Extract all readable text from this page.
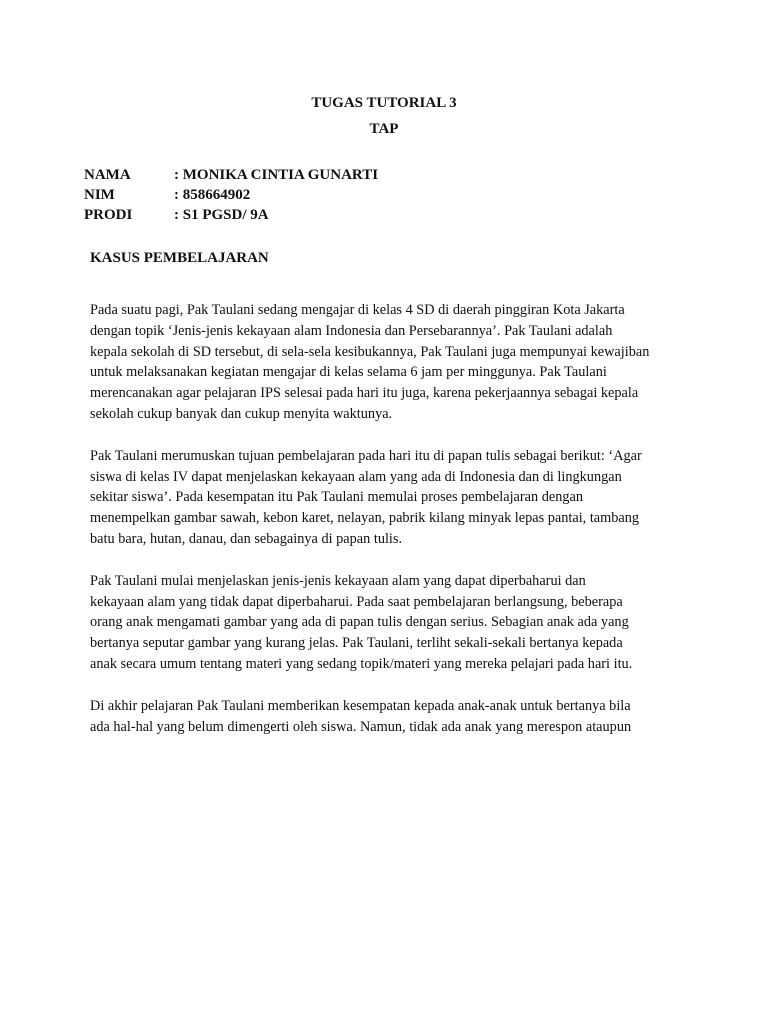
TUGAS TUTORIAL 3
TAP
NAMA	: MONIKA CINTIA GUNARTI
NIM	: 858664902
PRODI	: S1 PGSD/ 9A
KASUS PEMBELAJARAN
Pada suatu pagi, Pak Taulani sedang mengajar di kelas 4 SD di daerah pinggiran Kota Jakarta
dengan topik ‘Jenis-jenis kekayaan alam Indonesia dan Persebarannya’. Pak Taulani adalah
kepala sekolah di SD tersebut, di sela-sela kesibukannya, Pak Taulani juga mempunyai kewajiban
untuk melaksanakan kegiatan mengajar di kelas selama 6 jam per minggunya. Pak Taulani
merencanakan agar pelajaran IPS selesai pada hari itu juga, karena pekerjaannya sebagai kepala
sekolah cukup banyak dan cukup menyita waktunya.
Pak Taulani merumuskan tujuan pembelajaran pada hari itu di papan tulis sebagai berikut: ‘Agar
siswa di kelas IV dapat menjelaskan kekayaan alam yang ada di Indonesia dan di lingkungan
sekitar siswa’. Pada kesempatan itu Pak Taulani memulai proses pembelajaran dengan
menempelkan gambar sawah, kebon karet, nelayan, pabrik kilang minyak lepas pantai, tambang
batu bara, hutan, danau, dan sebagainya di papan tulis.
Pak Taulani mulai menjelaskan jenis-jenis kekayaan alam yang dapat diperbaharui dan
kekayaan alam yang tidak dapat diperbaharui. Pada saat pembelajaran berlangsung, beberapa
orang anak mengamati gambar yang ada di papan tulis dengan serius. Sebagian anak ada yang
bertanya seputar gambar yang kurang jelas. Pak Taulani, terliht sekali-sekali bertanya kepada
anak secara umum tentang materi yang sedang topik/materi yang mereka pelajari pada hari itu.
Di akhir pelajaran Pak Taulani memberikan kesempatan kepada anak-anak untuk bertanya bila
ada hal-hal yang belum dimengerti oleh siswa. Namun, tidak ada anak yang merespon ataupun
